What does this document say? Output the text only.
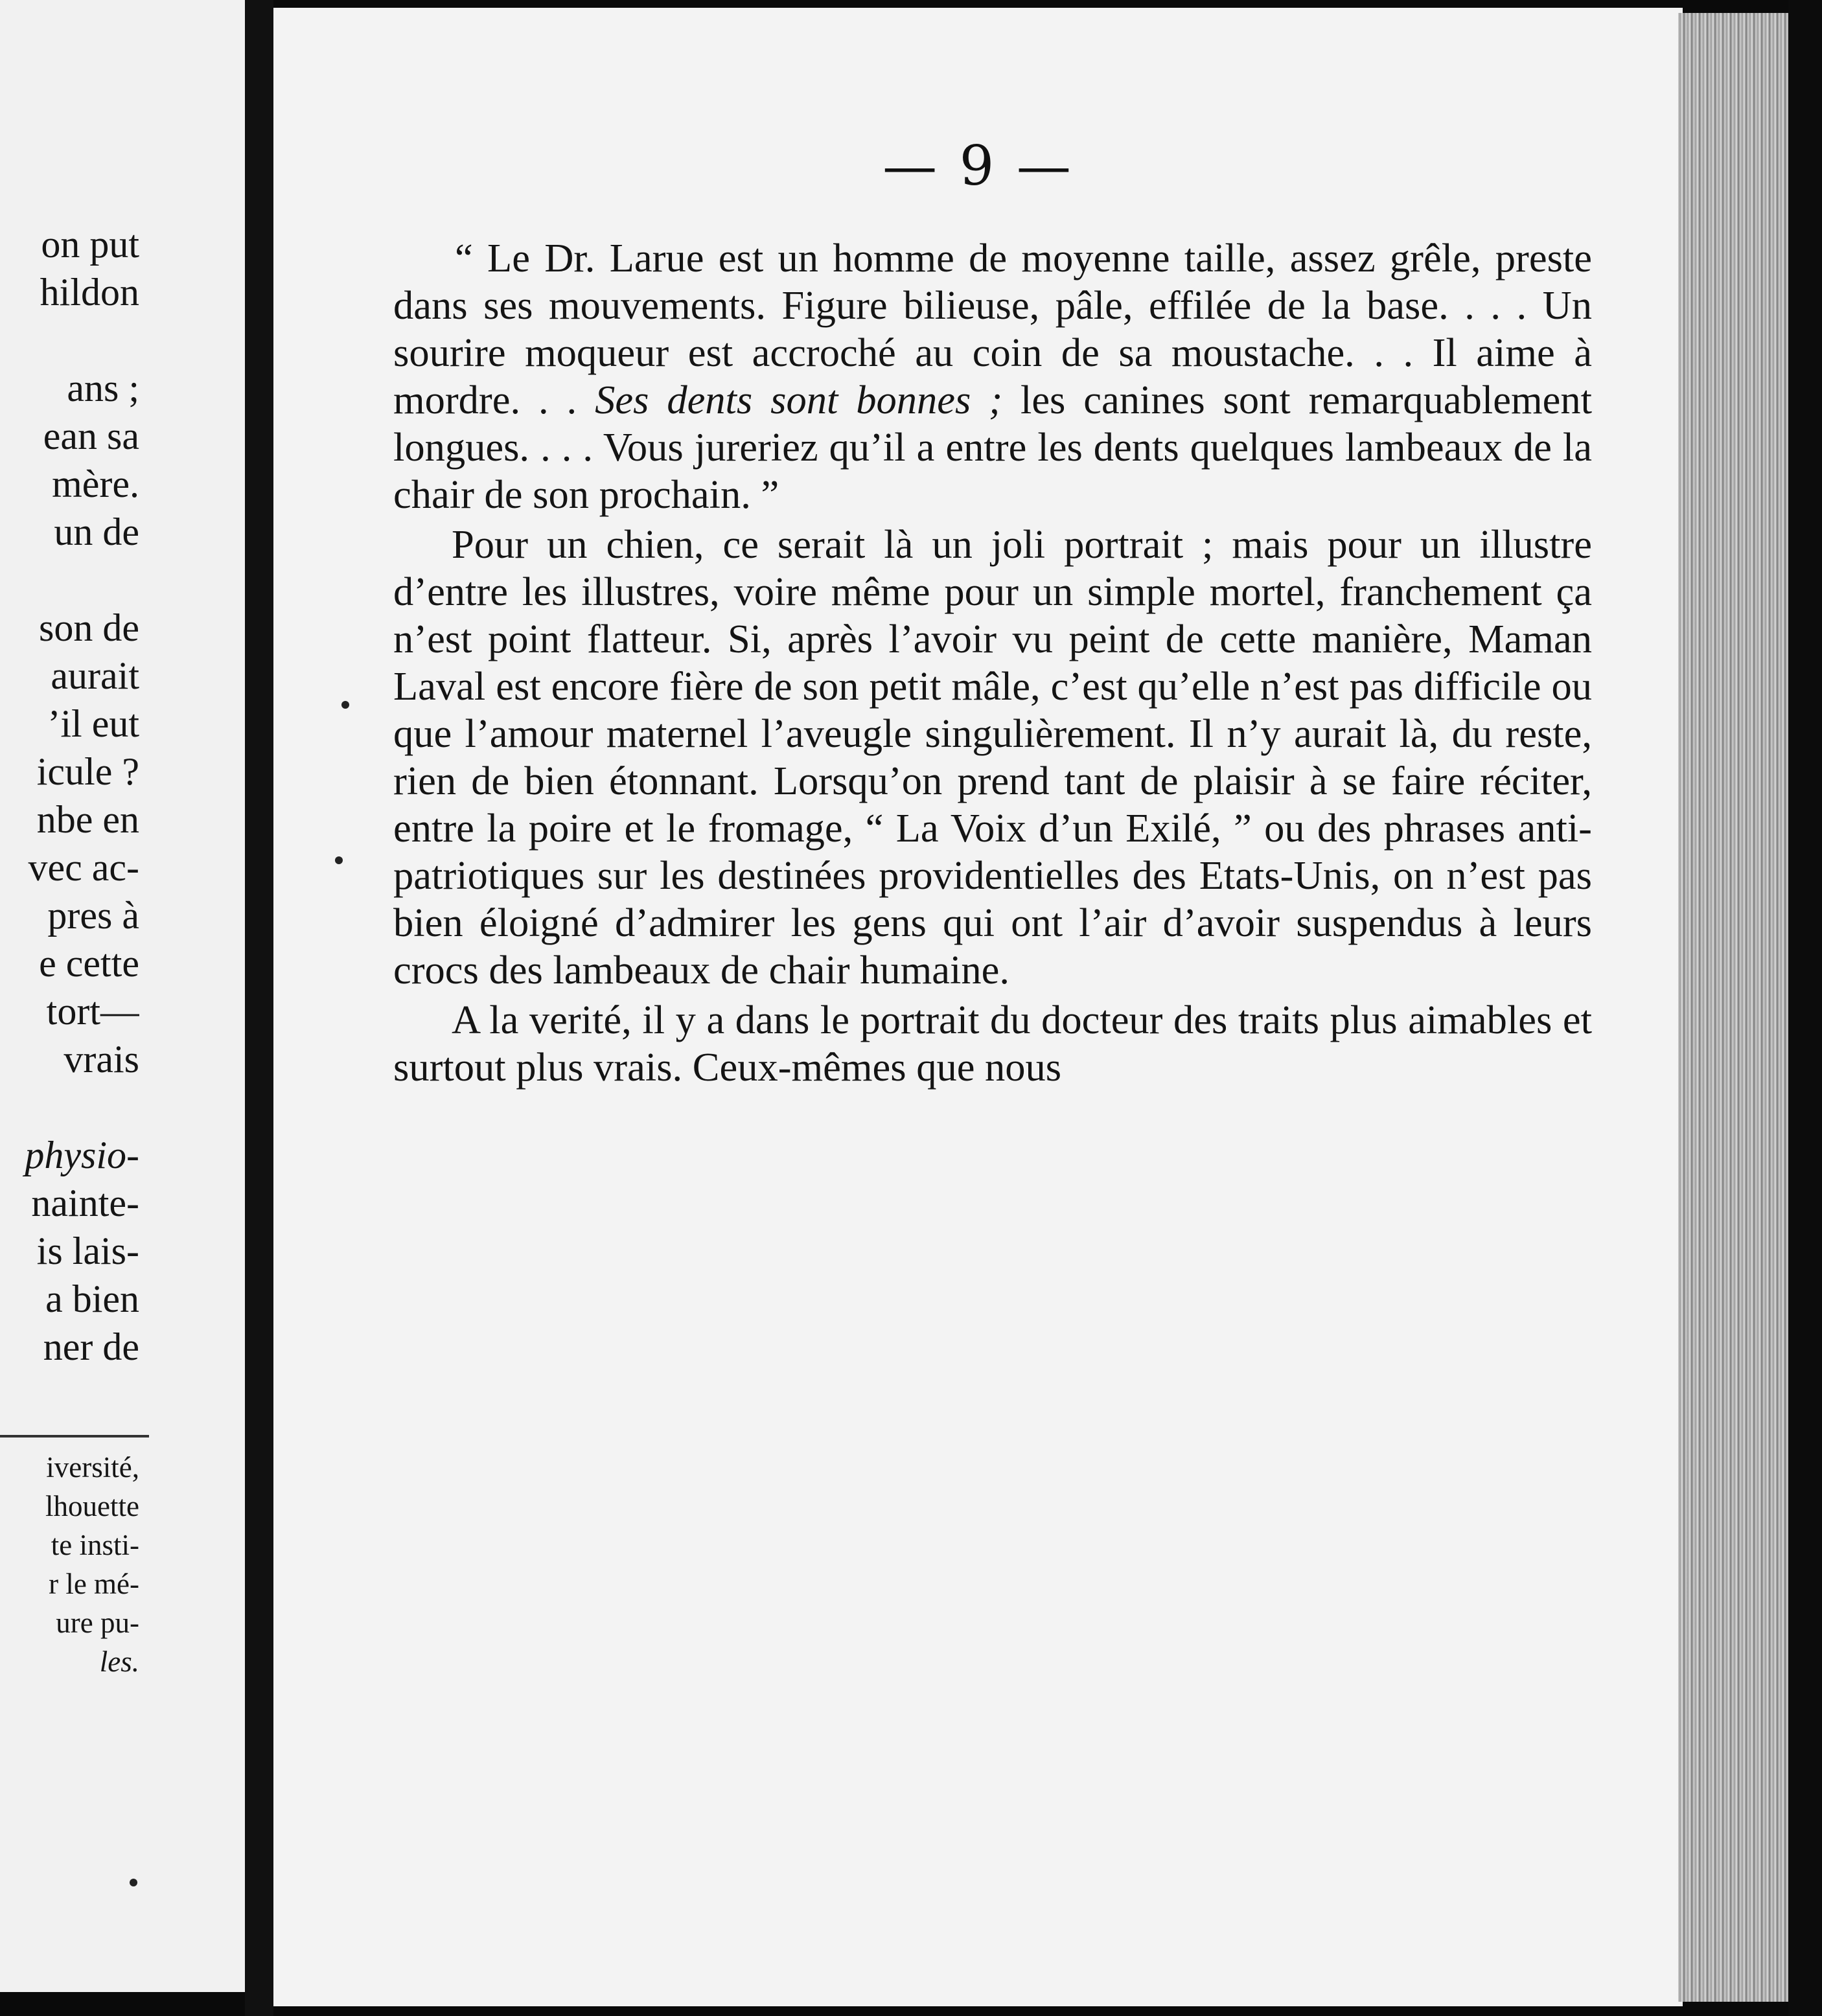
on put
hildon
ans ;
ean sa
mère.
un de
son de
aurait
’il eut
icule ?
nbe en
vec ac-
pres à
e cette
tort—
vrais
physio-
nainte-
is lais-
a bien
ner de
iversité,
lhouette
te insti-
r le mé-
ure pu-
les.
— 9 —

“ Le Dr. Larue est un homme de moyenne taille, assez grêle, preste dans ses mouvements. Figure bilieuse, pâle, effilée de la base. . . . Un sourire moqueur est accroché au coin de sa moustache. . . Il aime à mordre. . . Ses dents sont bonnes ; les canines sont remarquablement longues. . . . Vous jureriez qu’il a entre les dents quelques lambeaux de la chair de son prochain. ”

Pour un chien, ce serait là un joli portrait ; mais pour un illustre d’entre les illustres, voire même pour un simple mortel, franchement ça n’est point flatteur. Si, après l’avoir vu peint de cette manière, Maman Laval est encore fière de son petit mâle, c’est qu’elle n’est pas difficile ou que l’amour maternel l’aveugle singulièrement. Il n’y aurait là, du reste, rien de bien étonnant. Lorsqu’on prend tant de plaisir à se faire réciter, entre la poire et le fromage, “ La Voix d’un Exilé, ” ou des phrases anti-patriotiques sur les destinées providentielles des Etats-Unis, on n’est pas bien éloigné d’admirer les gens qui ont l’air d’avoir suspendus à leurs crocs des lambeaux de chair humaine.

A la verité, il y a dans le portrait du docteur des traits plus aimables et surtout plus vrais. Ceux-mêmes que nous
